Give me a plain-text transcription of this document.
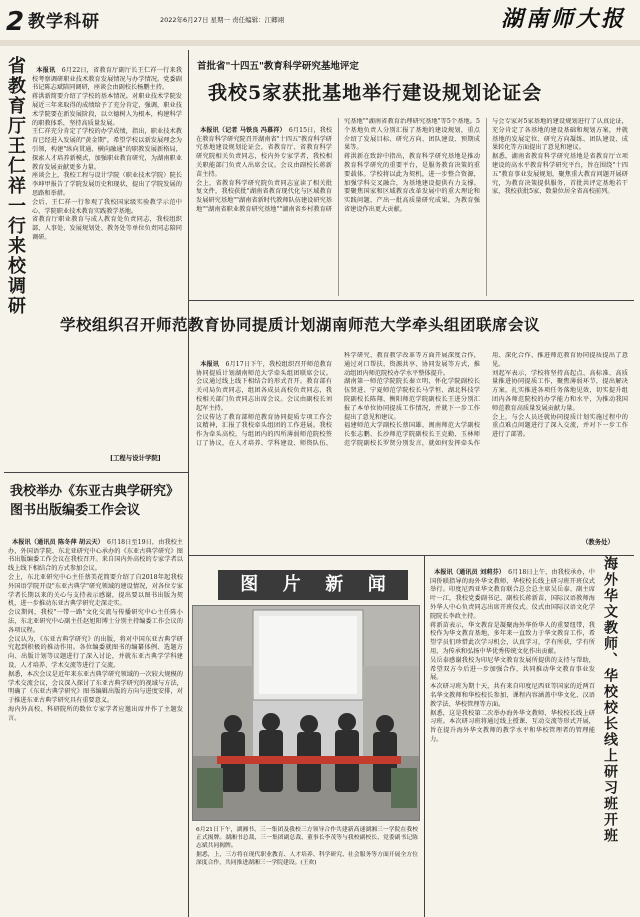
2 教学科研	2022年6月27日 星期一 责任编辑：江卿翊	湖南师大报
省教育厅王仁祥一行来校调研	本报讯　 6月22日，省教育厅副厅长王仁祥一行来我校考察调研职业技术教育发展情况与办学情况。党委副书记陈志斌陪同调研，座谈会由副校长杨鹏主持。
蒋洪新简要介绍了学校的基本情况。对职业技术学院发展近三年来取得的成绩给予了充分肯定，强调，职业技术学院要在新发展阶段，以立德树人为根本，构建科学的职教体系，坚持高质量发展。
王仁祥充分肯定了学校的办学成绩，指出，职业技术教育已经进入发展的"黄金期"，希望学校以新发展理念为引领，构建"纵向贯通、横向融通"的职教发展新格局，探索人才培养新模式，加强职业教育研究，为湖南职业教育发展贡献更多力量。
座谈会上，我校工程与设计学院（职业技术学院）院长李坤甲报告了学院发展历史和现状，提出了学院发展的思路和举措。
会后，王仁祥一行参观了我校国家级实验教学示范中心、学院职业技术教育实践教学基地。
省教育厅职业教育与成人教育处负责同志，我校组织部、人事处、发展规划处、教务处等单位负责同志陪同调研。

[工程与设计学院]
首批省"十四五"教育科学研究基地评定
我校5家获批基地举行建设规划论证会

本报讯（记者 马铁良 冯慕祥）　 6月15日，我校在教育科学研究院召开湖南省"十四五"教育科学研究基地建设规划论证会，省教育厅、省教育科学研究院相关负责同志，校内外专家学者，我校相关职能部门负责人出席会议。会议由副校长蒋新苗主持。
会上，省教育科学研究院负责同志宣读了相关批复文件，我校获批"湖南省教育现代化与区域教育发展研究基地""湖南省新时代教师队伍建设研究基地""湖南省职业教育研究基地""湖南省乡村教育研究基地""湖南省教育治理研究基地"等5个基地。5个基地负责人分别汇报了基地的建设规划，重点介绍了发展目标、研究方向、团队建设、预期成果等。
蒋洪新在致辞中指出，教育科学研究基地是推动教育科学研究的重要平台，是服务教育决策的重要载体。学校将以此为契机，进一步整合资源，加强学科交叉融合，为基地建设提供有力支撑。要聚焦国家和区域教育改革发展中的重大理论和实践问题，产出一批高质量研究成果，为教育强省建设作出更大贡献。
与会专家对5家基地的建设规划进行了认真论证，充分肯定了各基地的建设基础和规划方案，并就基地的发展定位、研究方向凝练、团队建设、成果转化等方面提出了意见和建议。
据悉，湖南省教育科学研究基地是省教育厅立项建设的高水平教育科学研究平台，旨在围绕"十四五"教育事业发展规划，聚焦重大教育问题开展研究，为教育决策提供服务，首批共评定基地若干家，我校获批5家，数量位居全省高校前列。

学校组织召开师范教育协同提质计划湖南师范大学牵头组团联席会议

本报讯　 6月17日下午，我校组织召开师范教育协同提质计划湖南师范大学牵头组团联席会议。会议通过线上线下相结合的形式召开。教育部有关司局负责同志，组团各成员高校负责同志，我校相关部门负责同志出席会议。会议由副校长刘起军主持。
会议传达了教育部师范教育协同提质专项工作会议精神，汇报了我校牵头组团的工作进展。我校作为牵头高校，与组团内的四所薄弱师范院校签订了协议，在人才培养、学科建设、师资队伍、科学研究、教育教学改革等方面开展深度合作，通过对口帮扶、资源共享、协同发展等方式，推动组团内师范院校办学水平整体提升。
湖南第一师范学院院长秦立明、怀化学院副校长伍贤进、宁夏师范学院校长马学恒、湖北科技学院副校长陈翔、衡阳师范学院副校长王进分别汇报了本单位协同提质工作情况，并就下一步工作提出了意见和建议。
福建师范大学副校长蔡国雄、闽南师范大学副校长张志鹏、长沙师范学院副校长王克勤、玉林师范学院副校长罗贤分别发言，就如何发挥牵头作用、深化合作、推进师范教育协同提质提出了意见。
刘起军表示，学校将坚持高起点、高标准、高质量推进协同提质工作，聚焦薄弱环节，提出解决方案，扎实推进各项任务落地见效，切实提升组团内各师范院校的办学能力和水平，为推动我国师范教育高质量发展贡献力量。
会上，与会人员还就协同提质计划实施过程中的重点难点问题进行了深入交流，并对下一步工作进行了部署。

（教务处）
我校举办《东亚古典学研究》图书出版编委工作会议

本报讯（通讯员 陈冬萍 胡云天）　 6月18日至19日，由我校主办，外国语学院、东北亚研究中心承办的《东亚古典学研究》图书出版编委工作会议在我校召开。来自国内外高校的专家学者以线上线下相结合的方式参加会议。
会上，东北亚研究中心主任蔡美花简要介绍了自2018年起我校外国语学院开设"东亚古典学"研究领域的建设情况，对各位专家学者长期以来的关心与支持表示感谢，提出要以图书出版为契机，进一步推动东亚古典学研究走深走实。
会议期间，我校"一带一路"文化交流与传播研究中心主任陈小法，东北亚研究中心副主任赵旭阳博士分别主持编委工作会议的各项议程。
会议认为，《东亚古典学研究》的出版，将对中国东亚古典学研究起到积极的推动作用。各位编委就图书的编纂体例、选题方向、出版计划等议题进行了深入讨论，并就东亚古典学学科建设、人才培养、学术交流等进行了交流。
据悉，本次会议是近年来东亚古典学研究领域的一次较大规模的学术交流会议，会议深入探讨了东亚古典学研究的视域与方法，明确了《东亚古典学研究》图书编辑出版的方向与进度安排，对于推进东亚古典学研究具有重要意义。
海内外高校、科研院所的数位专家学者应邀出席并作了主题发言。

图 片 新 闻
6月21日下午，湖湘书、三一集团及我校三方领导合作共建新高速湖湘三一学院在我校正式揭牌。湖湘书总裁、三一集团副总裁、董事长李茂等与我校副校长、党委副书记陈志斌共同揭牌。
据悉，上，三方将在现代职业教育、人才培养、科学研究、社会服务等方面开展全方位深度合作，共同推进湖湘三一学院建设。(王欢)
海外华文教师、华校校长线上研习班开班

本报讯（通讯员 刘莉芬）　 6月18日上午，由我校承办，中国侨联指导的海外华文教师、华校校长线上研习班开班仪式举行。印度尼西亚华文教育联合总会总主席吴岳泰、副主席叶一江，我校党委副书记、副校长蒋新苗，国际汉语教师海外华人中心负责同志出席开班仪式。仪式由国际汉语文化学院院长李政主持。
蒋新苗表示，华文教育是凝聚海外华侨华人的重要纽带，我校作为华文教育基地，多年来一直致力于华文教育工作，希望学员们珍惜此次学习机会，认真学习，学有所获，学有所用，为传承和弘扬中华优秀传统文化作出贡献。
吴岳泰感谢我校为印尼华文教育发展所提供的支持与帮助，希望双方今后进一步加强合作，共同推动华文教育事业发展。
本次研习班为期十天，共有来自印度尼西亚等国家的近两百名华文教师和华校校长参加，课程内容涵盖中华文化、汉语教学法、华校管理等方面。
据悉，这是我校第二次举办海外华文教师、华校校长线上研习班。本次研习班将通过线上授课、互动交流等形式开展，旨在提升海外华文教师的教学水平和华校管理者的管理能力。
